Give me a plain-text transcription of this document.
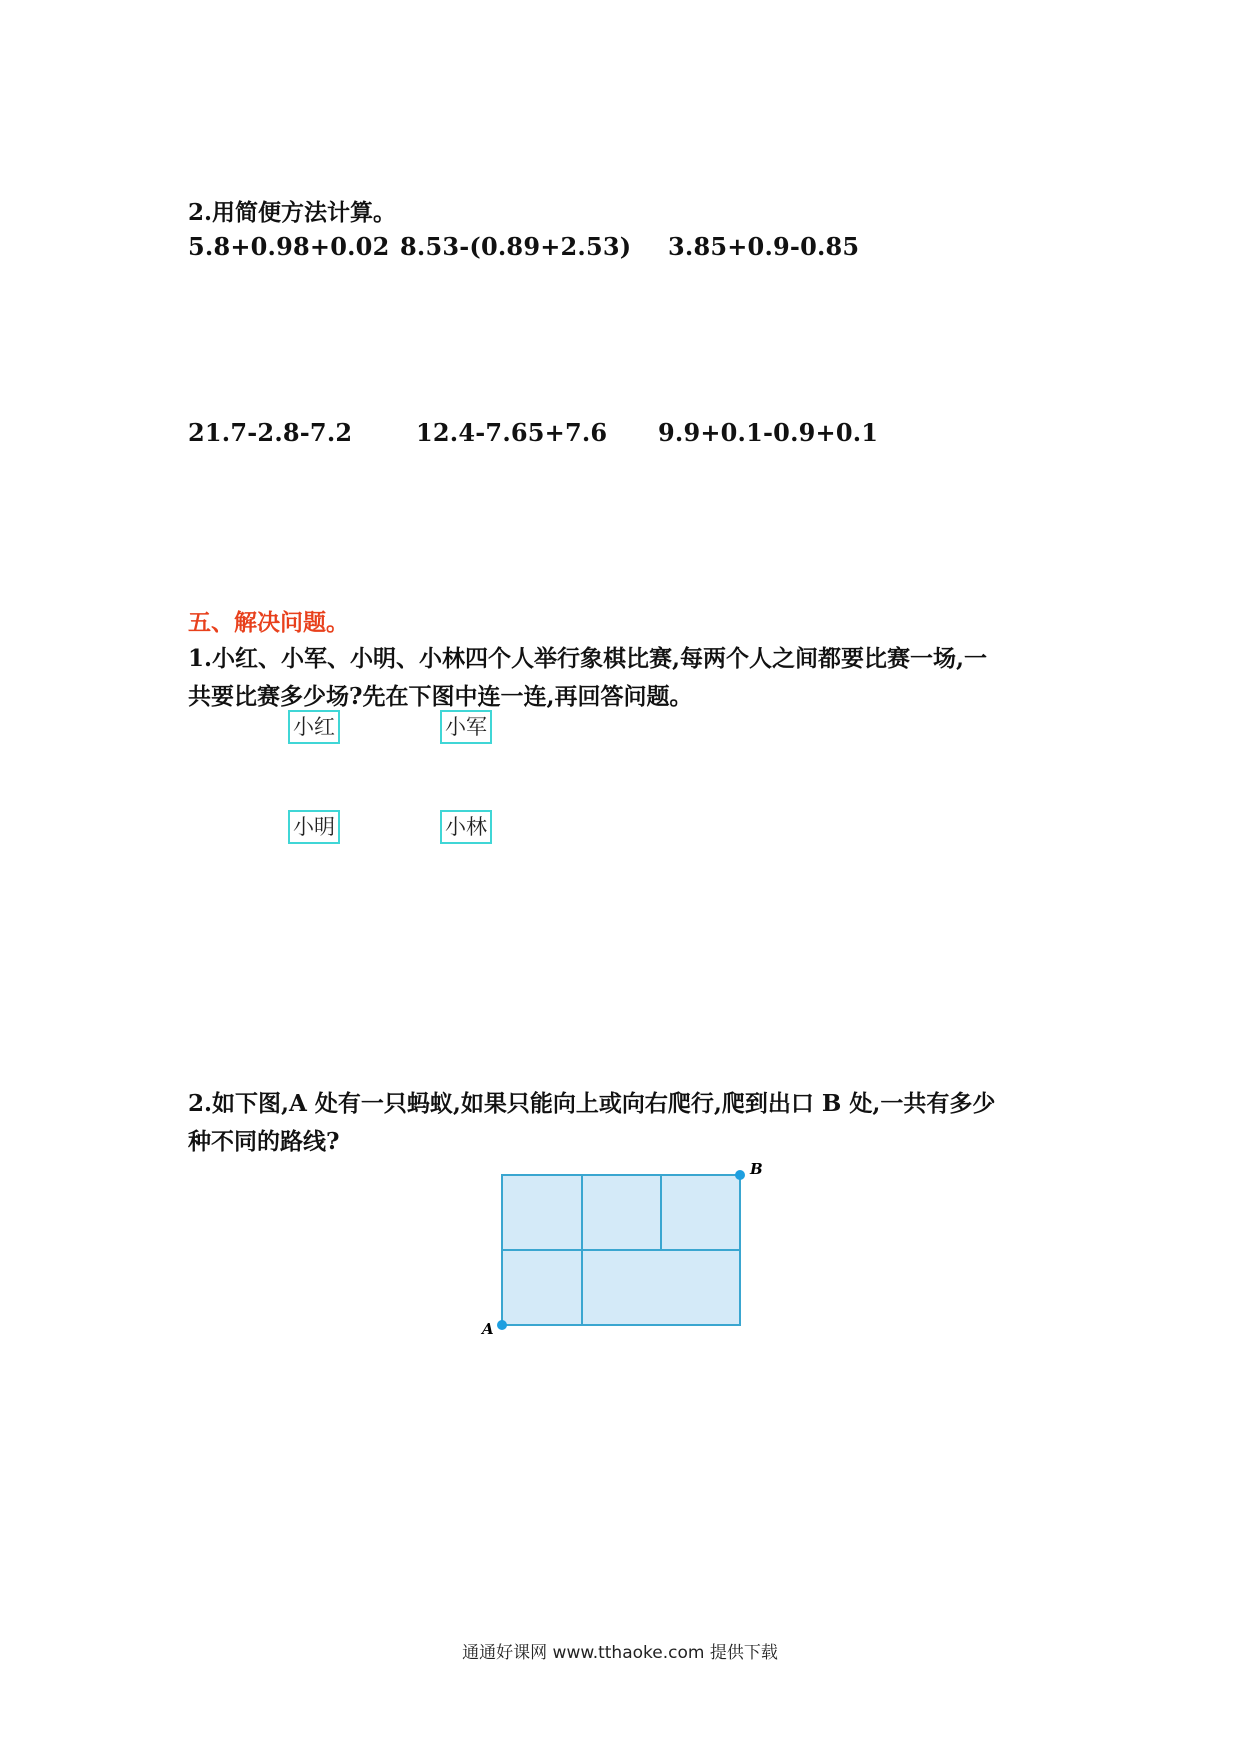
2.用简便方法计算。
5.8+0.98+0.02 8.53-(0.89+2.53) 3.85+0.9-0.85
21.7-2.8-7.2	12.4-7.65+7.6 9.9+0.1-0.9+0.1
五、解决问题。
1.小红、小军、小明、小林四个人举行象棋比赛,每两个人之间都要比赛一场,一
共要比赛多少场?先在下图中连一连,再回答问题。
小红	小军
小明	小林
2.如下图,A 处有一只蚂蚁,如果只能向上或向右爬行,爬到出口 B 处,一共有多少
种不同的路线?
A
B
通通好课网 www.tthaoke.com 提供下载
